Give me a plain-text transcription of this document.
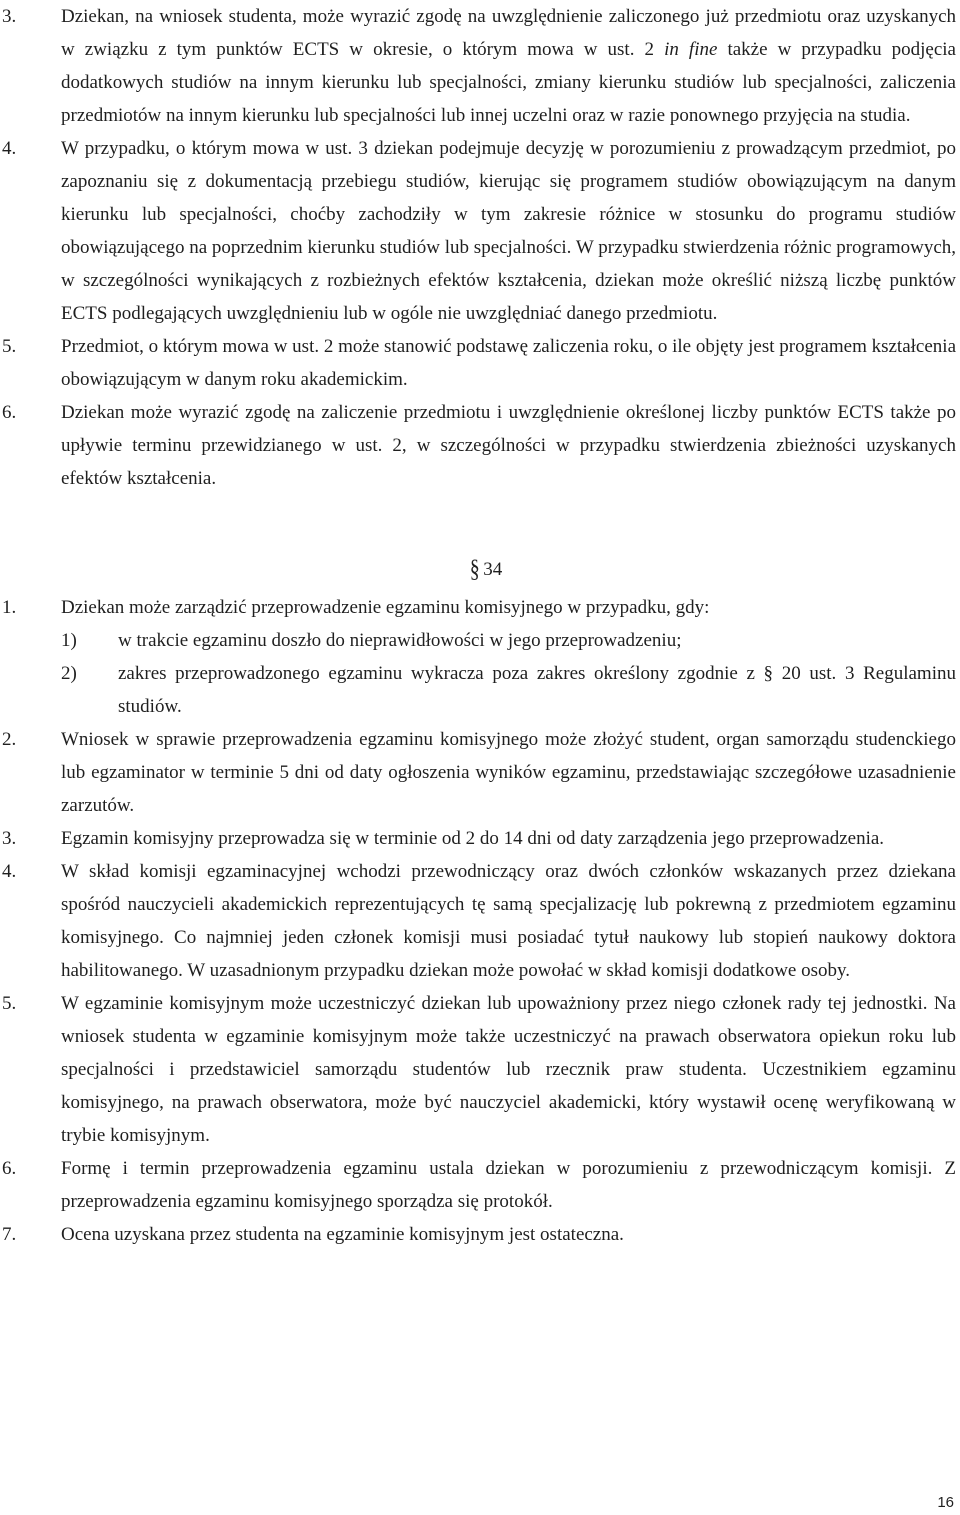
3. Dziekan, na wniosek studenta, może wyrazić zgodę na uwzględnienie zaliczonego już przedmiotu oraz uzyskanych w związku z tym punktów ECTS w okresie, o którym mowa w ust. 2 in fine także w przypadku podjęcia dodatkowych studiów na innym kierunku lub specjalności, zmiany kierunku studiów lub specjalności, zaliczenia przedmiotów na innym kierunku lub specjalności lub innej uczelni oraz w razie ponownego przyjęcia na studia.
4. W przypadku, o którym mowa w ust. 3 dziekan podejmuje decyzję w porozumieniu z prowadzącym przedmiot, po zapoznaniu się z dokumentacją przebiegu studiów, kierując się programem studiów obowiązującym na danym kierunku lub specjalności, choćby zachodziły w tym zakresie różnice w stosunku do programu studiów obowiązującego na poprzednim kierunku studiów lub specjalności. W przypadku stwierdzenia różnic programowych, w szczególności wynikających z rozbieżnych efektów kształcenia, dziekan może określić niższą liczbę punktów ECTS podlegających uwzględnieniu lub w ogóle nie uwzględniać danego przedmiotu.
5. Przedmiot, o którym mowa w ust. 2 może stanowić podstawę zaliczenia roku, o ile objęty jest programem kształcenia obowiązującym w danym roku akademickim.
6. Dziekan może wyrazić zgodę na zaliczenie przedmiotu i uwzględnienie określonej liczby punktów ECTS także po upływie terminu przewidzianego w ust. 2, w szczególności w przypadku stwierdzenia zbieżności uzyskanych efektów kształcenia.
§ 34
1. Dziekan może zarządzić przeprowadzenie egzaminu komisyjnego w przypadku, gdy:
1) w trakcie egzaminu doszło do nieprawidłowości w jego przeprowadzeniu;
2) zakres przeprowadzonego egzaminu wykracza poza zakres określony zgodnie z § 20 ust. 3 Regulaminu studiów.
2. Wniosek w sprawie przeprowadzenia egzaminu komisyjnego może złożyć student, organ samorządu studenckiego lub egzaminator w terminie 5 dni od daty ogłoszenia wyników egzaminu, przedstawiając szczegółowe uzasadnienie zarzutów.
3. Egzamin komisyjny przeprowadza się w terminie od 2 do 14 dni od daty zarządzenia jego przeprowadzenia.
4. W skład komisji egzaminacyjnej wchodzi przewodniczący oraz dwóch członków wskazanych przez dziekana spośród nauczycieli akademickich reprezentujących tę samą specjalizację lub pokrewną z przedmiotem egzaminu komisyjnego. Co najmniej jeden członek komisji musi posiadać tytuł naukowy lub stopień naukowy doktora habilitowanego. W uzasadnionym przypadku dziekan może powołać w skład komisji dodatkowe osoby.
5. W egzaminie komisyjnym może uczestniczyć dziekan lub upoważniony przez niego członek rady tej jednostki. Na wniosek studenta w egzaminie komisyjnym może także uczestniczyć na prawach obserwatora opiekun roku lub specjalności i przedstawiciel samorządu studentów lub rzecznik praw studenta. Uczestnikiem egzaminu komisyjnego, na prawach obserwatora, może być nauczyciel akademicki, który wystawił ocenę weryfikowaną w trybie komisyjnym.
6. Formę i termin przeprowadzenia egzaminu ustala dziekan w porozumieniu z przewodniczącym komisji. Z przeprowadzenia egzaminu komisyjnego sporządza się protokół.
7. Ocena uzyskana przez studenta na egzaminie komisyjnym jest ostateczna.
16
